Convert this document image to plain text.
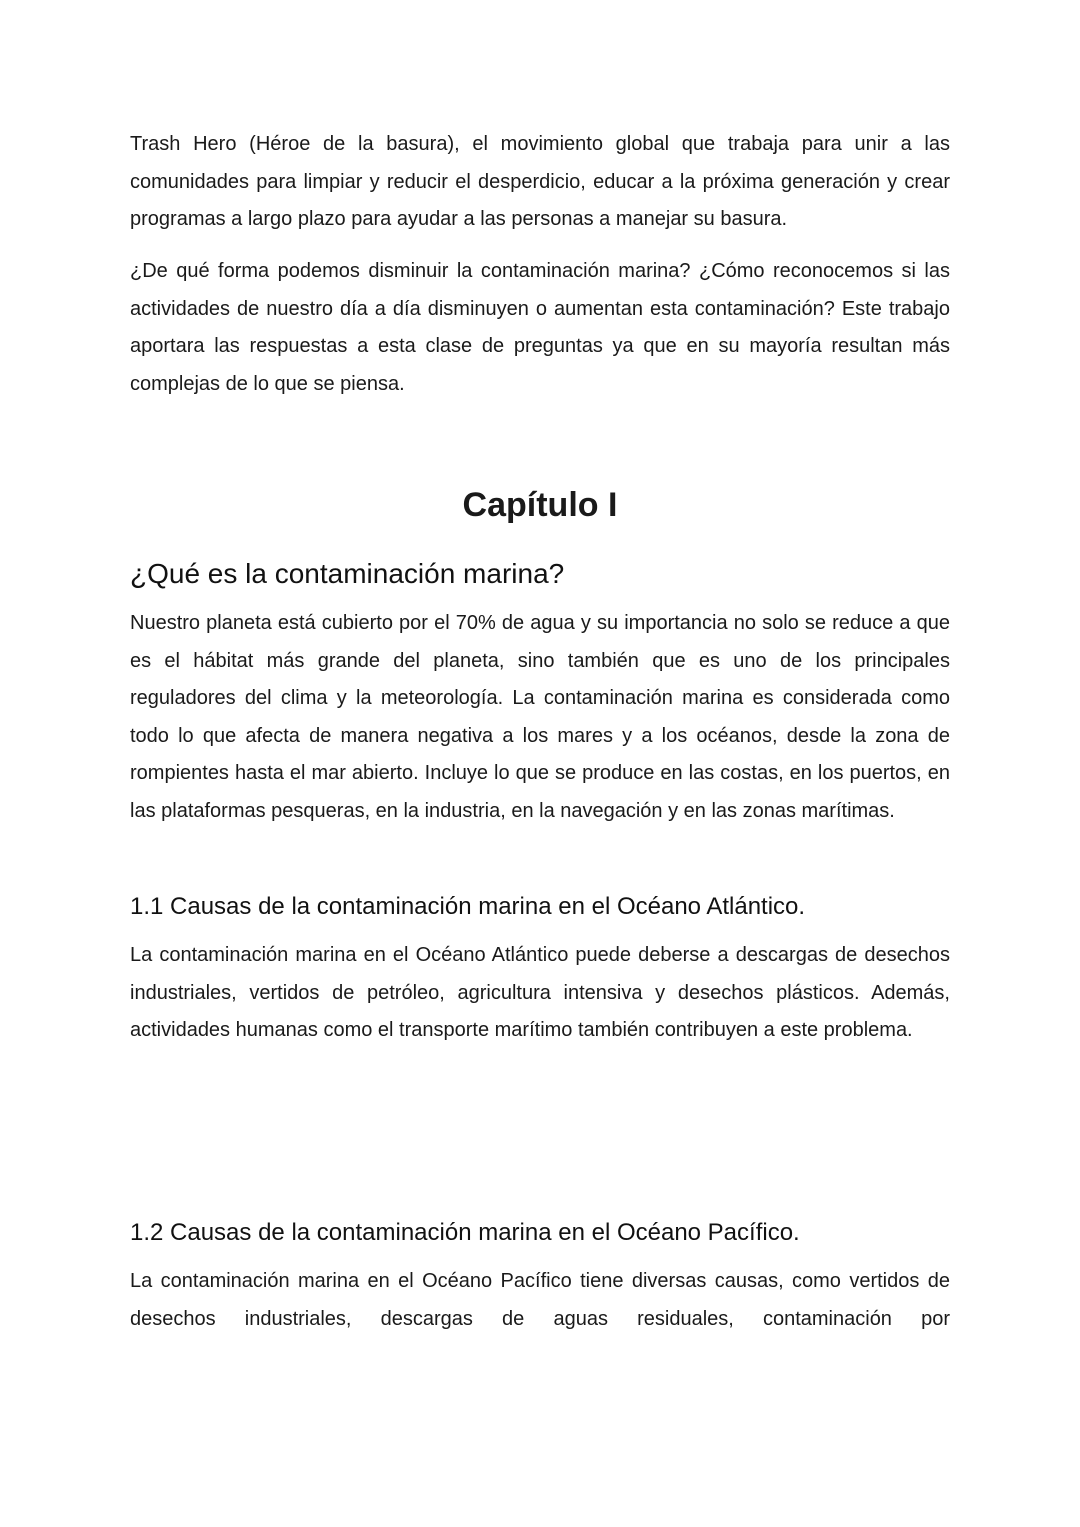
Trash Hero (Héroe de la basura), el movimiento global que trabaja para unir a las comunidades para limpiar y reducir el desperdicio, educar a la próxima generación y crear programas a largo plazo para ayudar a las personas a manejar su basura.

¿De qué forma podemos disminuir la contaminación marina? ¿Cómo reconocemos si las actividades de nuestro día a día disminuyen o aumentan esta contaminación? Este trabajo aportara las respuestas a esta clase de preguntas ya que en su mayoría resultan más complejas de lo que se piensa.

Capítulo I
¿Qué es la contaminación marina?

Nuestro planeta está cubierto por el 70% de agua y su importancia no solo se reduce a que es el hábitat más grande del planeta, sino también que es uno de los principales reguladores del clima y la meteorología. La contaminación marina es considerada como todo lo que afecta de manera negativa a los mares y a los océanos, desde la zona de rompientes hasta el mar abierto. Incluye lo que se produce en las costas, en los puertos, en las plataformas pesqueras, en la industria, en la navegación y en las zonas marítimas.

1.1 Causas de la contaminación marina en el Océano Atlántico.

La contaminación marina en el Océano Atlántico puede deberse a descargas de desechos industriales, vertidos de petróleo, agricultura intensiva y desechos plásticos. Además, actividades humanas como el transporte marítimo también contribuyen a este problema.

1.2 Causas de la contaminación marina en el Océano Pacífico.

La contaminación marina en el Océano Pacífico tiene diversas causas, como vertidos de desechos industriales, descargas de aguas residuales, contaminación por
